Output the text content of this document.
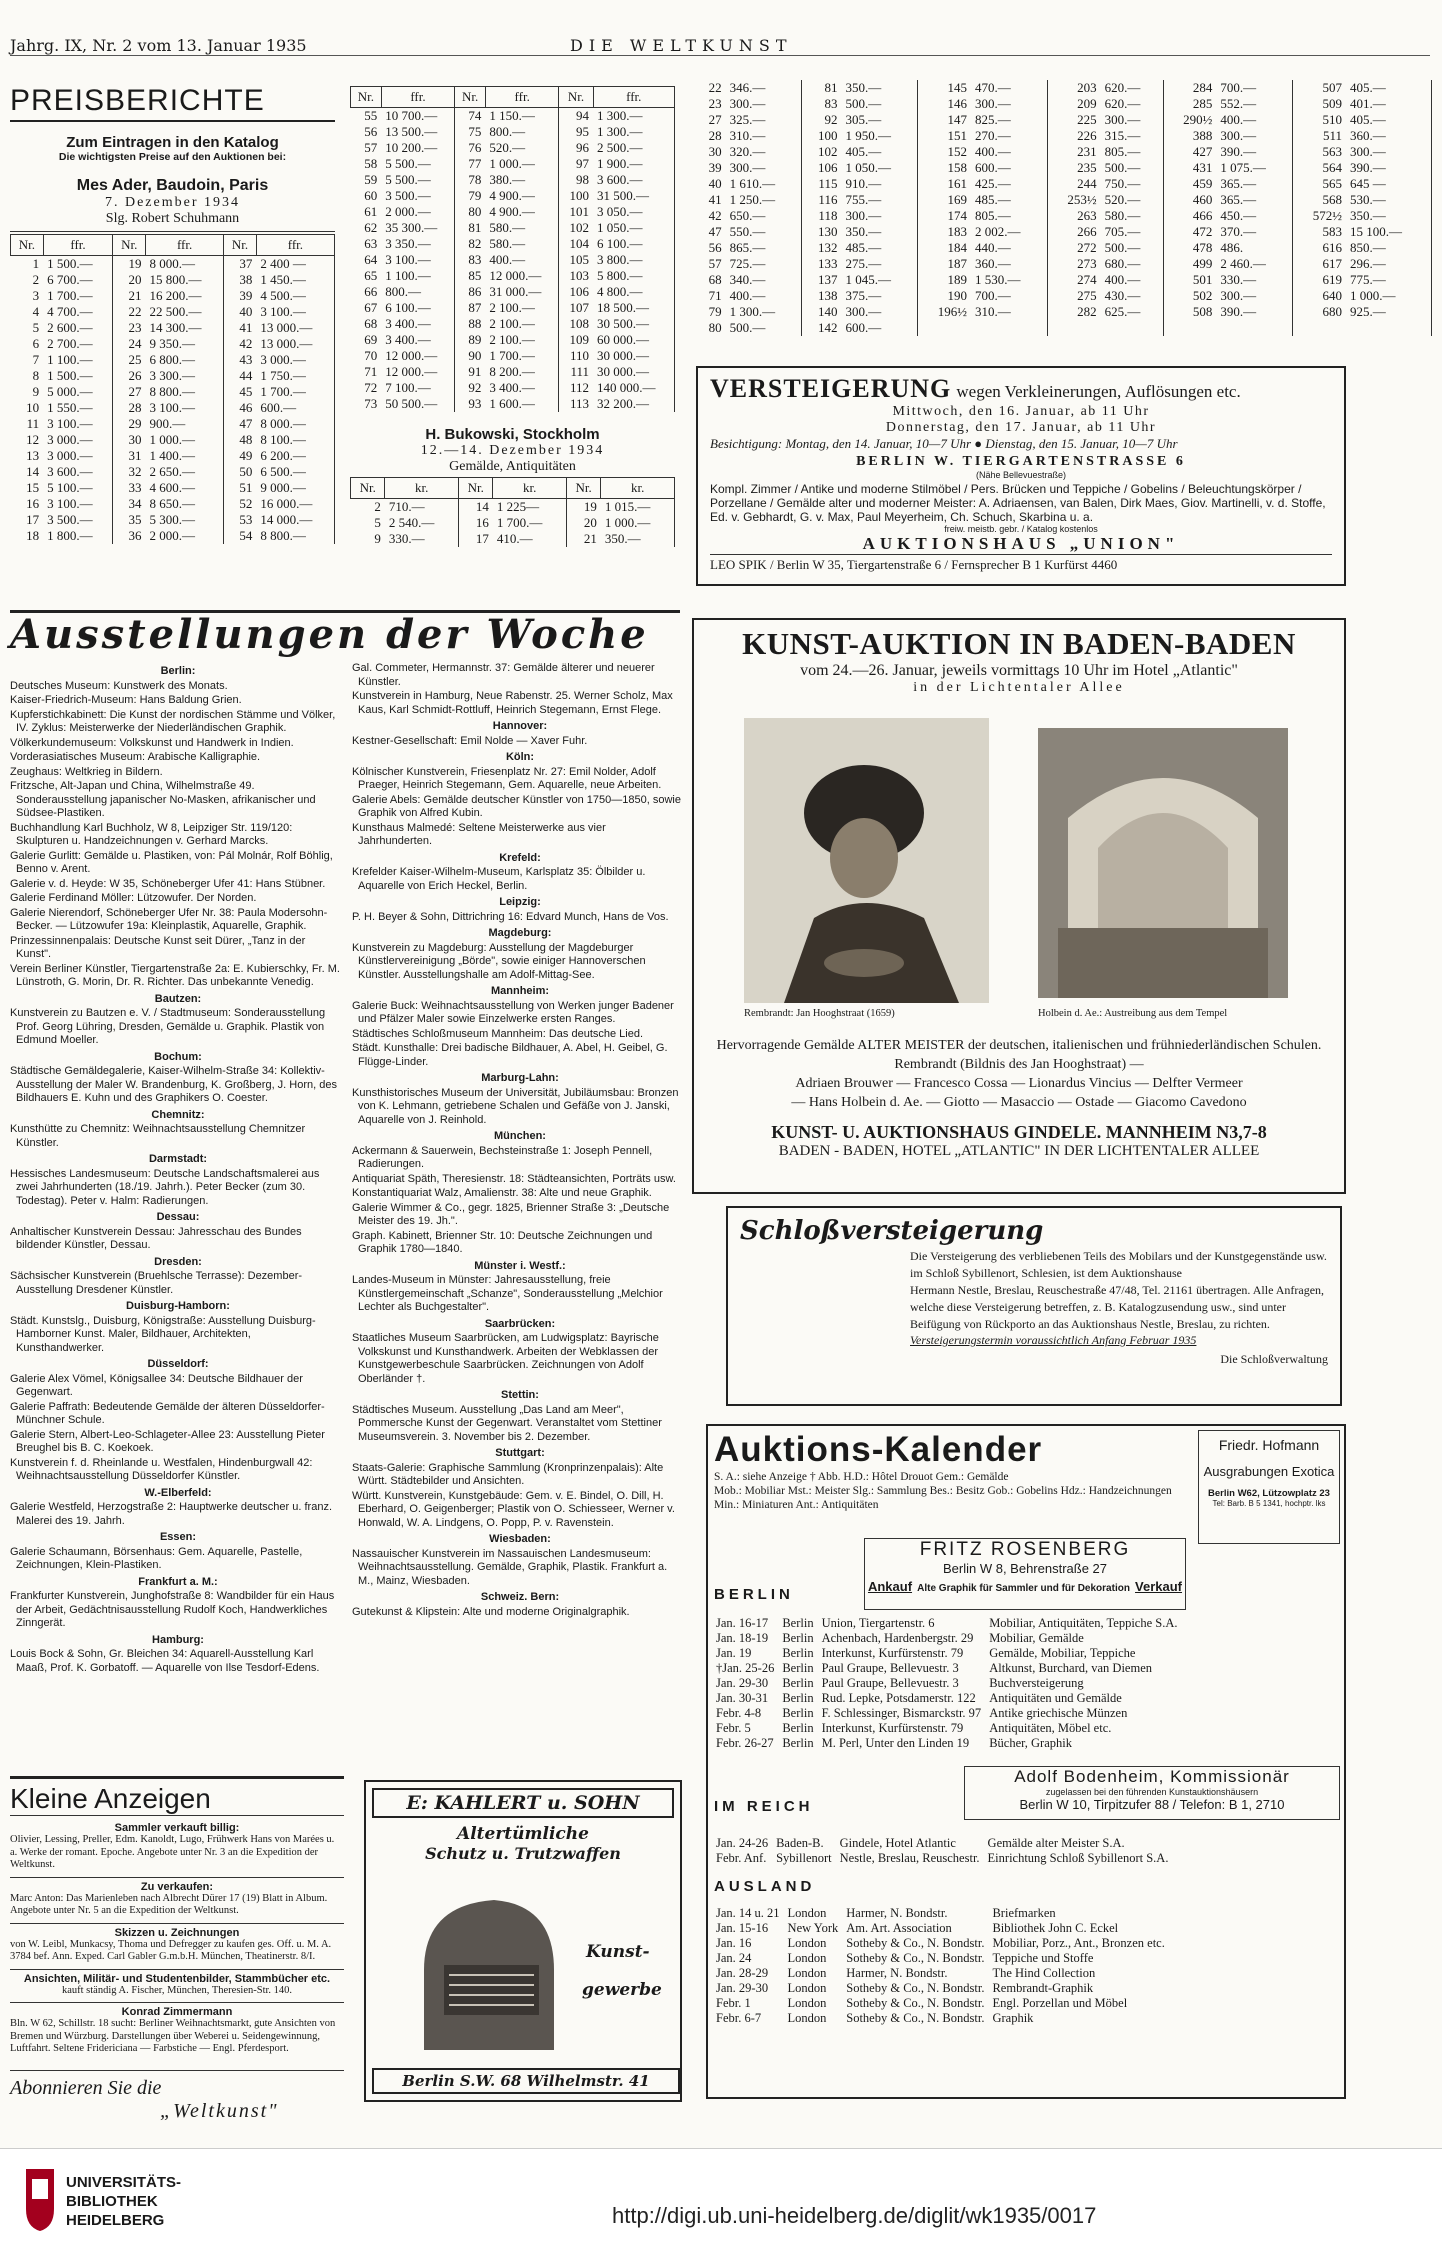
Jahrg. IX, Nr. 2 vom 13. Januar 1935	DIE WELTKUNST
PREISBERICHTE
Zum Eintragen in den Katalog
Die wichtigsten Preise auf den Auktionen bei:
Mes Ader, Baudoin, Paris
7. Dezember 1934
Slg. Robert Schuhmann
Nr.	ffr.	Nr.	ffr.	Nr.	ffr.
1	1 500.—	19	8 000.—	37	2 400 —
2	6 700.—	20	15 800.—	38	1 450.—
3	1 700.—	21	16 200.—	39	4 500.—
4	4 700.—	22	22 500.—	40	3 100.—
5	2 600.—	23	14 300.—	41	13 000.—
6	2 700.—	24	9 350.—	42	13 000.—
7	1 100.—	25	6 800.—	43	3 000.—
8	1 500.—	26	3 300.—	44	1 750.—
9	5 000.—	27	8 800.—	45	1 700.—
10	1 550.—	28	3 100.—	46	600.—
11	3 100.—	29	900.—	47	8 000.—
12	3 000.—	30	1 000.—	48	8 100.—
13	3 000.—	31	1 400.—	49	6 200.—
14	3 600.—	32	2 650.—	50	6 500.—
15	5 100.—	33	4 600.—	51	9 000.—
16	3 100.—	34	8 650.—	52	16 000.—
17	3 500.—	35	5 300.—	53	14 000.—
18	1 800.—	36	2 000.—	54	8 800.—
Nr.	ffr.	Nr.	ffr.	Nr.	ffr.
55	10 700.—	74	1 150.—	94	1 300.—
56	13 500.—	75	800.—	95	1 300.—
57	10 200.—	76	520.—	96	2 500.—
58	5 500.—	77	1 000.—	97	1 900.—
59	5 500.—	78	380.—	98	3 600.—
60	3 500.—	79	4 900.—	100	31 500.—
61	2 000.—	80	4 900.—	101	3 050.—
62	35 300.—	81	580.—	102	1 050.—
63	3 350.—	82	580.—	104	6 100.—
64	3 100.—	83	400.—	105	3 800.—
65	1 100.—	85	12 000.—	103	5 800.—
66	800.—	86	31 000.—	106	4 800.—
67	6 100.—	87	2 100.—	107	18 500.—
68	3 400.—	88	2 100.—	108	30 500.—
69	3 400.—	89	2 100.—	109	60 000.—
70	12 000.—	90	1 700.—	110	30 000.—
71	12 000.—	91	8 200.—	111	30 000.—
72	7 100.—	92	3 400.—	112	140 000.—
73	50 500.—	93	1 600.—	113	32 200.—
H. Bukowski, Stockholm
12.—14. Dezember 1934
Gemälde, Antiquitäten
Nr.	kr.	Nr.	kr.	Nr.	kr.
2	710.—	14	1 225—	19	1 015.—
5	2 540.—	16	1 700.—	20	1 000.—
9	330.—	17	410.—	21	350.—
22	346.—	81	350.—	145	470.—	203	620.—	284	700.—	507	405.—
23	300.—	83	500.—	146	300.—	209	620.—	285	552.—	509	401.—
27	325.—	92	305.—	147	825.—	225	300.—	290½	400.—	510	405.—
28	310.—	100	1 950.—	151	270.—	226	315.—	388	300.—	511	360.—
30	320.—	102	405.—	152	400.—	231	805.—	427	390.—	563	300.—
39	300.—	106	1 050.—	158	600.—	235	500.—	431	1 075.—	564	390.—
40	1 610.—	115	910.—	161	425.—	244	750.—	459	365.—	565	645 —
41	1 250.—	116	755.—	169	485.—	253½	520.—	460	365.—	568	530.—
42	650.—	118	300.—	174	805.—	263	580.—	466	450.—	572½	350.—
47	550.—	130	350.—	183	2 002.—	266	705.—	472	370.—	583	15 100.—
56	865.—	132	485.—	184	440.—	272	500.—	478	486.	616	850.—
57	725.—	133	275.—	187	360.—	273	680.—	499	2 460.—	617	296.—
68	340.—	137	1 045.—	189	1 530.—	274	400.—	501	330.—	619	775.—
71	400.—	138	375.—	190	700.—	275	430.—	502	300.—	640	1 000.—
79	1 300.—	140	300.—	196½	310.—	282	625.—	508	390.—	680	925.—
80	500.—	142	600.—								
VERSTEIGERUNG wegen Verkleinerungen, Auflösungen etc.
Mittwoch, den 16. Januar, ab 11 Uhr
Donnerstag, den 17. Januar, ab 11 Uhr
Besichtigung: Montag, den 14. Januar, 10—7 Uhr ● Dienstag, den 15. Januar, 10—7 Uhr
BERLIN W. TIERGARTENSTRASSE 6
(Nähe Bellevuestraße)
Kompl. Zimmer / Antike und moderne Stilmöbel / Pers. Brücken und Teppiche / Gobelins / Beleuchtungskörper / Porzellane / Gemälde alter und moderner Meister: A. Adriaensen, van Balen, Dirk Maes, Giov. Martinelli, v. d. Stoffe, Ed. v. Gebhardt, G. v. Max, Paul Meyerheim, Ch. Schuch, Skarbina u. a.
freiw. meistb. gebr. / Katalog kostenlos
AUKTIONSHAUS „UNION"
LEO SPIK / Berlin W 35, Tiergartenstraße 6 / Fernsprecher B 1 Kurfürst 4460
Ausstellungen der Woche

Berlin:

Deutsches Museum: Kunstwerk des Monats.

Kaiser-Friedrich-Museum: Hans Baldung Grien.

Kupferstichkabinett: Die Kunst der nordischen Stämme und Völker, IV. Zyklus: Meisterwerke der Niederländischen Graphik.

Völkerkundemuseum: Volkskunst und Handwerk in Indien.

Vorderasiatisches Museum: Arabische Kalligraphie.

Zeughaus: Weltkrieg in Bildern.

Fritzsche, Alt-Japan und China, Wilhelmstraße 49. Sonderausstellung japanischer No-Masken, afrikanischer und Südsee-Plastiken.

Buchhandlung Karl Buchholz, W 8, Leipziger Str. 119/120: Skulpturen u. Handzeichnungen v. Gerhard Marcks.

Galerie Gurlitt: Gemälde u. Plastiken, von: Pál Molnár, Rolf Böhlig, Benno v. Arent.

Galerie v. d. Heyde: W 35, Schöneberger Ufer 41: Hans Stübner.

Galerie Ferdinand Möller: Lützowufer. Der Norden.

Galerie Nierendorf, Schöneberger Ufer Nr. 38: Paula Modersohn-Becker. — Lützowufer 19a: Kleinplastik, Aquarelle, Graphik.

Prinzessinnenpalais: Deutsche Kunst seit Dürer, „Tanz in der Kunst".

Verein Berliner Künstler, Tiergartenstraße 2a: E. Kubierschky, Fr. M. Lünstroth, G. Morin, Dr. R. Richter. Das unbekannte Venedig.

Bautzen:

Kunstverein zu Bautzen e. V. / Stadtmuseum: Sonderausstellung Prof. Georg Lühring, Dresden, Gemälde u. Graphik. Plastik von Edmund Moeller.

Bochum:

Städtische Gemäldegalerie, Kaiser-Wilhelm-Straße 34: Kollektiv-Ausstellung der Maler W. Brandenburg, K. Großberg, J. Horn, des Bildhauers E. Kuhn und des Graphikers O. Coester.

Chemnitz:

Kunsthütte zu Chemnitz: Weihnachtsausstellung Chemnitzer Künstler.

Darmstadt:

Hessisches Landesmuseum: Deutsche Landschaftsmalerei aus zwei Jahrhunderten (18./19. Jahrh.). Peter Becker (zum 30. Todestag). Peter v. Halm: Radierungen.

Dessau:

Anhaltischer Kunstverein Dessau: Jahresschau des Bundes bildender Künstler, Dessau.

Dresden:

Sächsischer Kunstverein (Bruehlsche Terrasse): Dezember-Ausstellung Dresdener Künstler.

Duisburg-Hamborn:

Städt. Kunstslg., Duisburg, Königstraße: Ausstellung Duisburg-Hamborner Kunst. Maler, Bildhauer, Architekten, Kunsthandwerker.

Düsseldorf:

Galerie Alex Vömel, Königsallee 34: Deutsche Bildhauer der Gegenwart.

Galerie Paffrath: Bedeutende Gemälde der älteren Düsseldorfer-Münchner Schule.

Galerie Stern, Albert-Leo-Schlageter-Allee 23: Ausstellung Pieter Breughel bis B. C. Koekoek.

Kunstverein f. d. Rheinlande u. Westfalen, Hindenburgwall 42: Weihnachtsausstellung Düsseldorfer Künstler.

W.-Elberfeld:

Galerie Westfeld, Herzogstraße 2: Hauptwerke deutscher u. franz. Malerei des 19. Jahrh.

Essen:

Galerie Schaumann, Börsenhaus: Gem. Aquarelle, Pastelle, Zeichnungen, Klein-Plastiken.

Frankfurt a. M.:

Frankfurter Kunstverein, Junghofstraße 8: Wandbilder für ein Haus der Arbeit, Gedächtnisausstellung Rudolf Koch, Handwerkliches Zinngerät.

Hamburg:

Louis Bock & Sohn, Gr. Bleichen 34: Aquarell-Ausstellung Karl Maaß, Prof. K. Gorbatoff. — Aquarelle von Ilse Tesdorf-Edens.

Gal. Commeter, Hermannstr. 37: Gemälde älterer und neuerer Künstler.

Kunstverein in Hamburg, Neue Rabenstr. 25. Werner Scholz, Max Kaus, Karl Schmidt-Rottluff, Heinrich Stegemann, Ernst Flege.

Hannover:

Kestner-Gesellschaft: Emil Nolde — Xaver Fuhr.

Köln:

Kölnischer Kunstverein, Friesenplatz Nr. 27: Emil Nolder, Adolf Praeger, Heinrich Stegemann, Gem. Aquarelle, neue Arbeiten.

Galerie Abels: Gemälde deutscher Künstler von 1750—1850, sowie Graphik von Alfred Kubin.

Kunsthaus Malmedé: Seltene Meisterwerke aus vier Jahrhunderten.

Krefeld:

Krefelder Kaiser-Wilhelm-Museum, Karlsplatz 35: Ölbilder u. Aquarelle von Erich Heckel, Berlin.

Leipzig:

P. H. Beyer & Sohn, Dittrichring 16: Edvard Munch, Hans de Vos.

Magdeburg:

Kunstverein zu Magdeburg: Ausstellung der Magdeburger Künstlervereinigung „Börde", sowie einiger Hannoverschen Künstler. Ausstellungshalle am Adolf-Mittag-See.

Mannheim:

Galerie Buck: Weihnachtsausstellung von Werken junger Badener und Pfälzer Maler sowie Einzelwerke ersten Ranges.

Städtisches Schloßmuseum Mannheim: Das deutsche Lied.

Städt. Kunsthalle: Drei badische Bildhauer, A. Abel, H. Geibel, G. Flügge-Linder.

Marburg-Lahn:

Kunsthistorisches Museum der Universität, Jubiläumsbau: Bronzen von K. Lehmann, getriebene Schalen und Gefäße von J. Janski, Aquarelle von J. Reinhold.

München:

Ackermann & Sauerwein, Bechsteinstraße 1: Joseph Pennell, Radierungen.

Antiquariat Späth, Theresienstr. 18: Städteansichten, Porträts usw.

Konstantiquariat Walz, Amalienstr. 38: Alte und neue Graphik.

Galerie Wimmer & Co., gegr. 1825, Brienner Straße 3: „Deutsche Meister des 19. Jh.".

Graph. Kabinett, Brienner Str. 10: Deutsche Zeichnungen und Graphik 1780—1840.

Münster i. Westf.:

Landes-Museum in Münster: Jahresausstellung, freie Künstlergemeinschaft „Schanze", Sonderausstellung „Melchior Lechter als Buchgestalter".

Saarbrücken:

Staatliches Museum Saarbrücken, am Ludwigsplatz: Bayrische Volkskunst und Kunsthandwerk. Arbeiten der Webklassen der Kunstgewerbeschule Saarbrücken. Zeichnungen von Adolf Oberländer †.

Stettin:

Städtisches Museum. Ausstellung „Das Land am Meer", Pommersche Kunst der Gegenwart. Veranstaltet vom Stettiner Museumsverein. 3. November bis 2. Dezember.

Stuttgart:

Staats-Galerie: Graphische Sammlung (Kronprinzenpalais): Alte Württ. Städtebilder und Ansichten.

Württ. Kunstverein, Kunstgebäude: Gem. v. E. Bindel, O. Dill, H. Eberhard, O. Geigenberger; Plastik von O. Schiesseer, Werner v. Honwald, W. A. Lindgens, O. Popp, P. v. Ravenstein.

Wiesbaden:

Nassauischer Kunstverein im Nassauischen Landesmuseum: Weihnachtsausstellung. Gemälde, Graphik, Plastik. Frankfurt a. M., Mainz, Wiesbaden.

Schweiz. Bern:

Gutekunst & Klipstein: Alte und moderne Originalgraphik.

KUNST-AUKTION IN BADEN-BADEN
vom 24.—26. Januar, jeweils vormittags 10 Uhr im Hotel „Atlantic"
in der Lichtentaler Allee
Rembrandt: Jan Hooghstraat (1659)	Holbein d. Ae.: Austreibung aus dem Tempel
Hervorragende Gemälde ALTER MEISTER der deutschen, italienischen und frühniederländischen Schulen. Rembrandt (Bildnis des Jan Hooghstraat) —
Adriaen Brouwer — Francesco Cossa — Lionardus Vincius — Delfter Vermeer
— Hans Holbein d. Ae. — Giotto — Masaccio — Ostade — Giacomo Cavedono
KUNST- U. AUKTIONSHAUS GINDELE. MANNHEIM N3,7-8
BADEN - BADEN, HOTEL „ATLANTIC" IN DER LICHTENTALER ALLEE
Schloßversteigerung
Die Versteigerung des verbliebenen Teils des Mobilars und der Kunstgegenstände usw. im Schloß Sybillenort, Schlesien, ist dem Auktionshause
Hermann Nestle, Breslau, Reuschestraße 47/48, Tel. 21161 übertragen. Alle Anfragen, welche diese Versteigerung betreffen, z. B. Katalogzusendung usw., sind unter Beifügung von Rückporto an das Auktionshaus Nestle, Breslau, zu richten.
Versteigerungstermin voraussichtlich Anfang Februar 1935
Die Schloßverwaltung
Auktions-Kalender
S. A.: siehe Anzeige † Abb. H.D.: Hôtel Drouot Gem.: Gemälde
Mob.: Mobiliar Mst.: Meister Slg.: Sammlung Bes.: Besitz Gob.: Gobelins Hdz.: Handzeichnungen Min.: Miniaturen Ant.: Antiquitäten
Friedr. Hofmann
Ausgrabungen Exotica
Berlin W62, Lützowplatz 23
Tel: Barb. B 5 1341, hochptr. lks
FRITZ ROSENBERG
Berlin W 8, Behrenstraße 27
Ankauf Alte Graphik für Sammler und für Dekoration Verkauf
BERLIN
Jan. 16-17	Berlin	Union, Tiergartenstr. 6	Mobiliar, Antiquitäten, Teppiche S.A.
Jan. 18-19	Berlin	Achenbach, Hardenbergstr. 29	Mobiliar, Gemälde
Jan. 19	Berlin	Interkunst, Kurfürstenstr. 79	Gemälde, Mobiliar, Teppiche
†Jan. 25-26	Berlin	Paul Graupe, Bellevuestr. 3	Altkunst, Burchard, van Diemen
Jan. 29-30	Berlin	Paul Graupe, Bellevuestr. 3	Buchversteigerung
Jan. 30-31	Berlin	Rud. Lepke, Potsdamerstr. 122	Antiquitäten und Gemälde
Febr. 4-8	Berlin	F. Schlessinger, Bismarckstr. 97	Antike griechische Münzen
Febr. 5	Berlin	Interkunst, Kurfürstenstr. 79	Antiquitäten, Möbel etc.
Febr. 26-27	Berlin	M. Perl, Unter den Linden 19	Bücher, Graphik
Adolf Bodenheim, Kommissionär
zugelassen bei den führenden Kunstauktionshäusern
Berlin W 10, Tirpitzufer 88 / Telefon: B 1, 2710
IM REICH
Jan. 24-26	Baden-B.	Gindele, Hotel Atlantic	Gemälde alter Meister S.A.
Febr. Anf.	Sybillenort	Nestle, Breslau, Reuschestr.	Einrichtung Schloß Sybillenort S.A.
AUSLAND
Jan. 14 u. 21	London	Harmer, N. Bondstr.	Briefmarken
Jan. 15-16	New York	Am. Art. Association	Bibliothek John C. Eckel
Jan. 16	London	Sotheby & Co., N. Bondstr.	Mobiliar, Porz., Ant., Bronzen etc.
Jan. 24	London	Sotheby & Co., N. Bondstr.	Teppiche und Stoffe
Jan. 28-29	London	Harmer, N. Bondstr.	The Hind Collection
Jan. 29-30	London	Sotheby & Co., N. Bondstr.	Rembrandt-Graphik
Febr. 1	London	Sotheby & Co., N. Bondstr.	Engl. Porzellan und Möbel
Febr. 6-7	London	Sotheby & Co., N. Bondstr.	Graphik
Kleine Anzeigen
Sammler verkauft billig:
Olivier, Lessing, Preller, Edm. Kanoldt, Lugo, Frühwerk Hans von Marées u. a. Werke der romant. Epoche. Angebote unter Nr. 3 an die Expedition der Weltkunst.
Zu verkaufen:
Marc Anton: Das Marienleben nach Albrecht Dürer 17 (19) Blatt in Album. Angebote unter Nr. 5 an die Expedition der Weltkunst.
Skizzen u. Zeichnungen
von W. Leibl, Munkacsy, Thoma und Defregger zu kaufen ges. Off. u. M. A. 3784 bef. Ann. Exped. Carl Gabler G.m.b.H. München, Theatinerstr. 8/I.
Ansichten, Militär- und Studentenbilder, Stammbücher etc.
kauft ständig A. Fischer, München, Theresien-Str. 140.
Konrad Zimmermann
Bln. W 62, Schillstr. 18 sucht: Berliner Weihnachtsmarkt, gute Ansichten von Bremen und Würzburg. Darstellungen über Weberei u. Seidengewinnung, Luftfahrt. Seltene Fridericiana — Farbstiche — Engl. Pferdesport.
Abonnieren Sie die
„Weltkunst"
E: KAHLERT u. SOHN
Altertümliche
Schutz u. Trutzwaffen
Kunst-
gewerbe
Berlin S.W. 68 Wilhelmstr. 41
UNIVERSITÄTS-
BIBLIOTHEK
HEIDELBERG	http://digi.ub.uni-heidelberg.de/diglit/wk1935/0017
